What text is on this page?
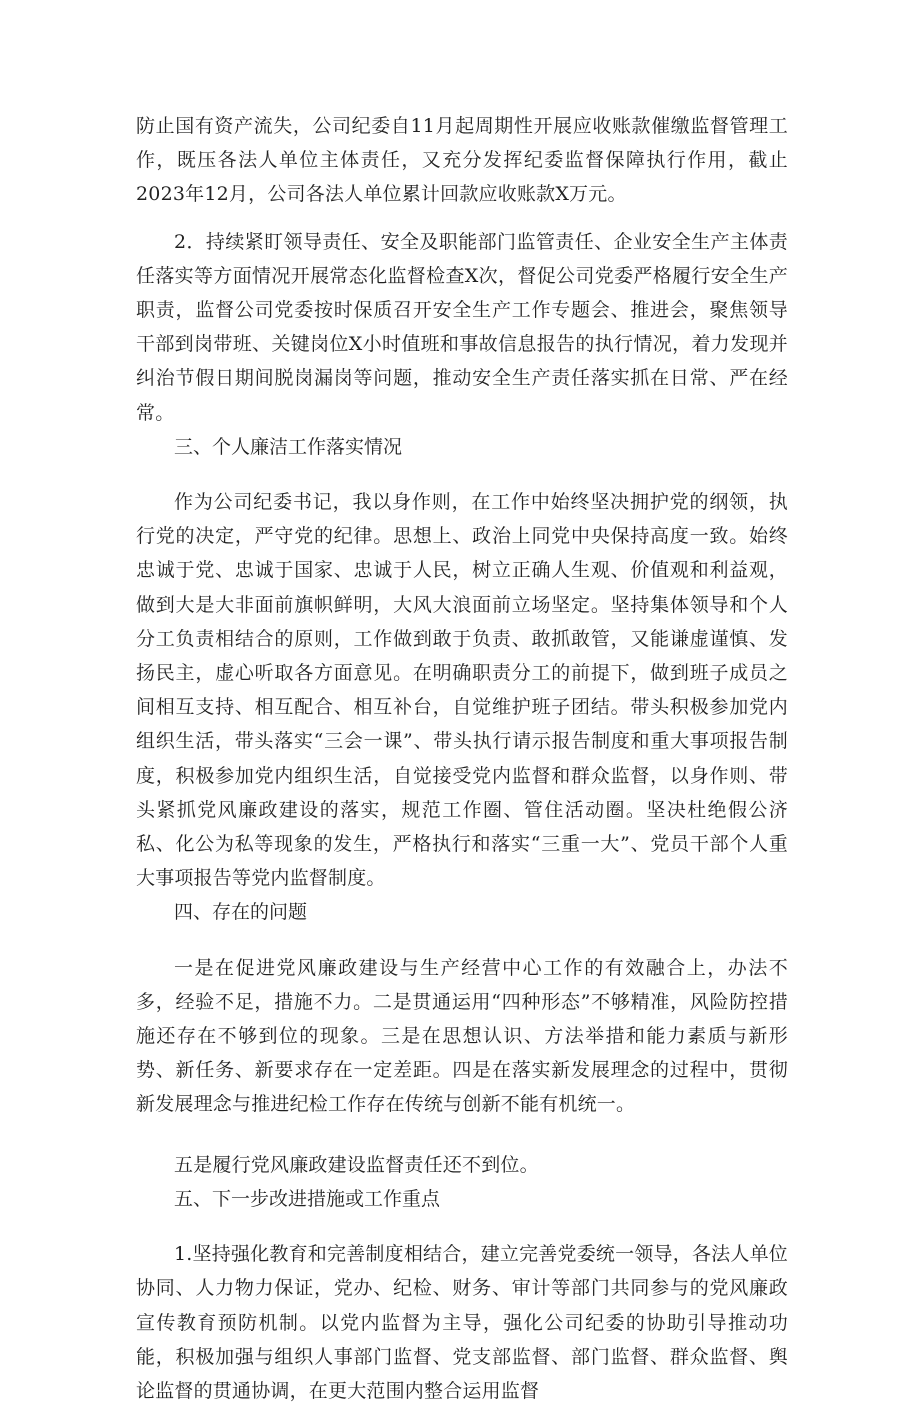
防止国有资产流失，公司纪委自11月起周期性开展应收账款催缴监督管理工作，既压各法人单位主体责任，又充分发挥纪委监督保障执行作用，截止2023年12月，公司各法人单位累计回款应收账款X万元。

2．持续紧盯领导责任、安全及职能部门监管责任、企业安全生产主体责任落实等方面情况开展常态化监督检查X次，督促公司党委严格履行安全生产职责，监督公司党委按时保质召开安全生产工作专题会、推进会，聚焦领导干部到岗带班、关键岗位X小时值班和事故信息报告的执行情况，着力发现并纠治节假日期间脱岗漏岗等问题，推动安全生产责任落实抓在日常、严在经常。

三、个人廉洁工作落实情况

作为公司纪委书记，我以身作则，在工作中始终坚决拥护党的纲领，执行党的决定，严守党的纪律。思想上、政治上同党中央保持高度一致。始终忠诚于党、忠诚于国家、忠诚于人民，树立正确人生观、价值观和利益观，做到大是大非面前旗帜鲜明，大风大浪面前立场坚定。坚持集体领导和个人分工负责相结合的原则，工作做到敢于负责、敢抓敢管，又能谦虚谨慎、发扬民主，虚心听取各方面意见。在明确职责分工的前提下，做到班子成员之间相互支持、相互配合、相互补台，自觉维护班子团结。带头积极参加党内组织生活，带头落实“三会一课”、带头执行请示报告制度和重大事项报告制度，积极参加党内组织生活，自觉接受党内监督和群众监督，以身作则、带头紧抓党风廉政建设的落实，规范工作圈、管住活动圈。坚决杜绝假公济私、化公为私等现象的发生，严格执行和落实“三重一大”、党员干部个人重大事项报告等党内监督制度。

四、存在的问题

一是在促进党风廉政建设与生产经营中心工作的有效融合上，办法不多，经验不足，措施不力。二是贯通运用“四种形态”不够精准，风险防控措施还存在不够到位的现象。三是在思想认识、方法举措和能力素质与新形势、新任务、新要求存在一定差距。四是在落实新发展理念的过程中，贯彻新发展理念与推进纪检工作存在传统与创新不能有机统一。

五是履行党风廉政建设监督责任还不到位。

五、下一步改进措施或工作重点

1.坚持强化教育和完善制度相结合，建立完善党委统一领导，各法人单位协同、人力物力保证，党办、纪检、财务、审计等部门共同参与的党风廉政宣传教育预防机制。以党内监督为主导，强化公司纪委的协助引导推动功能，积极加强与组织人事部门监督、党支部监督、部门监督、群众监督、舆论监督的贯通协调，在更大范围内整合运用监督
